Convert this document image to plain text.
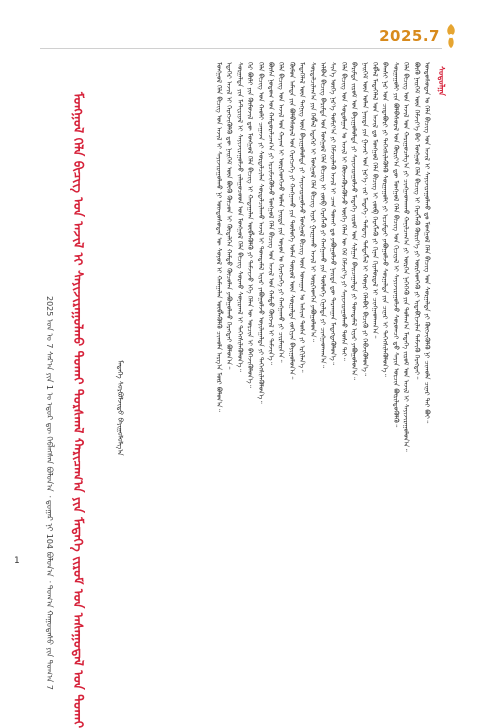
2025.7
ᠰᠤᠳᠤᠯᠭᠠ
ᠤᠨᠳᠤᠰᠤᠲᠡᠨ ᠤ ᠬᠡᠯᠡ ᠪᠢᠴᠢᠭ ᠤᠨ ᠠᠵᠢᠯ ᠢ ᠰᠠᠶᠢᠵᠢᠷᠠᠭᠤᠯᠬᠤ ᠳᠤ ᠮᠣᠩᠭᠣᠯ ᠬᠡᠯᠡ ᠪᠢᠴᠢᠭ ᠤᠨ ᠰᠤᠷᠭᠠᠯᠲᠠ ᠶᠢ ᠬᠥᠭᠵᠢᠭᠦᠯᠬᠦ ᠨᠢ ᠴᠢᠬᠤᠯᠠ ᠴᠢᠨᠠᠷ ᠲᠠᠢ ᠪᠤᠢ᠃
ᠪᠦᠬᠦ ᠨᠡᠢᠭᠡᠮ ᠦᠨ ᠬᠡᠮᠵᠢᠶ᠎ᠡ ᠪᠡᠷ ᠮᠣᠩᠭᠣᠯ ᠬᠡᠯᠡ ᠪᠢᠴᠢᠭ ᠢ ᠬᠡᠷᠡᠭᠯᠡᠬᠦ ᠬᠦᠷᠢᠶ᠎ᠡ ᠶᠢ ᠥᠷᠭᠡᠳᠬᠡᠬᠦ ᠶᠢ ᠢᠳᠡᠪᠬᠢᠵᠢᠯᠡᠨ ᠳᠡᠮᠵᠢᠬᠦ ᠬᠡᠷᠡᠭᠲᠡᠢ᠃
ᠬᠡᠯᠡ ᠪᠢᠴᠢᠭ ᠤᠨ ᠠᠵᠢᠯ ᠤᠨ ᠬᠠᠷᠢᠭᠤᠴᠠᠯᠭ᠎ᠠ ᠶᠢ ᠴᠢᠩᠭᠠᠳᠬᠠᠬᠤ ᠬᠠᠨᠢᠯᠴᠠᠭ᠎ᠠ ᠶᠢ ᠥᠷᠭᠡᠨ ᠨᠡᠭᠡᠭᠡᠬᠦ ᠶᠢᠨ ᠲᠤᠯᠠᠭ᠎ᠠ ᠮᠡᠳᠡᠭᠡ ᠵᠢᠷᠤᠮ ᠤᠨ ᠠᠵᠢᠯ ᠢ ᠰᠠᠶᠢᠵᠢᠷᠠᠭᠤᠯᠤᠨ᠎ᠠ᠃
ᠰᠤᠷᠭᠠᠭᠤᠯᠢ ᠶᠢᠨ ᠪᠣᠯᠪᠠᠰᠤᠷᠠᠯ ᠤᠨ ᠬᠦᠷᠢᠶ᠎ᠡᠨ ᠳᠦ ᠮᠣᠩᠭᠣᠯ ᠬᠡᠯᠡ ᠪᠢᠴᠢᠭ ᠤᠨ ᠬᠢᠴᠢᠶᠡᠯ ᠢ ᠰᠠᠶᠢᠵᠢᠷᠠᠭᠤᠯᠵᠤ ᠰᠤᠷᠤᠭᠴᠢ ᠳ᠋ᠤ ᠰᠠᠶᠢᠨ ᠣᠷᠴᠢᠨ ᠪᠦᠷᠢᠯᠳᠦᠭᠦᠯᠬᠦ᠃
ᠪᠠᠭᠰᠢ ᠨᠠᠷ ᠤᠨ ᠴᠢᠳᠠᠪᠤᠷᠢ ᠶᠢ ᠳᠡᠭᠡᠭᠰᠢᠯᠡᠭᠦᠯᠬᠦ ᠰᠤᠷᠭᠠᠭᠤᠯᠢ ᠶᠢ ᠡᠷᠴᠢᠮᠲᠡᠢ ᠶᠠᠪᠤᠭᠤᠯᠵᠤ ᠰᠤᠷᠭᠠᠯᠲᠠ ᠶᠢᠨ ᠴᠢᠨᠠᠷ ᠢ ᠳᠡᠭᠡᠭᠰᠢᠯᠡᠭᠦᠯᠦᠨ᠎ᠡ᠃
ᠬᠡᠪᠯᠡᠯ ᠮᠡᠳᠡᠭᠡᠯᠡᠯ ᠤᠨ ᠠᠵᠢᠯ ᠳᠤ ᠮᠣᠩᠭᠣᠯ ᠬᠡᠯᠡ ᠪᠢᠴᠢᠭ ᠢ ᠵᠥᠪ ᠬᠡᠷᠡᠭᠯᠡᠬᠦ ᠶᠢ ᠬᠢᠨᠠᠨ ᠬᠢᠶᠠᠮᠤᠷᠳᠠᠯ ᠢ ᠴᠢᠩᠭᠠᠳᠬᠠᠨ᠎ᠠ᠃
ᠨᠡᠢᠭᠡᠮ ᠦᠨ ᠣᠯᠠᠨ ᠨᠡᠢᠲᠡ ᠶᠢᠨ ᠭᠠᠵᠠᠷ ᠤᠨ ᠨᠡᠷ᠎ᠡ᠂ ᠵᠠᠷ ᠮᠡᠳᠡᠭᠡ᠂ ᠲᠡᠮᠳᠡᠭ ᠲᠡᠮᠳᠡᠭᠯᠡᠯ ᠢ ᠬᠣᠶᠠᠷ ᠬᠡᠯᠡᠪᠡᠷ ᠪᠢᠴᠢᠬᠦ ᠶᠢ ᠬᠡᠪᠵᠢᠭᠦᠯᠦᠨ᠎ᠡ᠃
ᠪᠠᠷᠢᠮᠲᠠ ᠵᠢᠷᠤᠮ ᠤᠨ ᠪᠠᠶᠢᠭᠤᠯᠤᠯᠲᠠ ᠶᠢ ᠰᠠᠶᠢᠵᠢᠷᠠᠭᠤᠯᠵᠤ ᠮᠡᠳᠡᠭᠡ ᠵᠢᠷᠤᠮ ᠤᠨ ᠰᠢᠯᠭᠠᠨ ᠪᠠᠢᠴᠠᠭᠠᠯᠲᠠ ᠶᠢ ᠲᠣᠭᠲᠠᠮᠠᠯ ᠢᠶᠠᠷ ᠶᠠᠪᠤᠭᠤᠯᠤᠨ᠎ᠠ᠃
ᠬᠡᠯᠡ ᠪᠢᠴᠢᠭ ᠤᠨ ᠰᠤᠳᠤᠯᠭᠠᠨ ᠤ ᠠᠵᠢᠯ ᠢ ᠭᠦᠨᠵᠡᠭᠦᠷᠡᠭᠦᠯᠵᠦ ᠦᠭᠡ ᠬᠡᠯᠡᠨ ᠦ ᠬᠡᠮ ᠬᠡᠮᠵᠢᠶ᠎ᠡ ᠶᠢ ᠰᠠᠶᠢᠵᠢᠷᠠᠭᠤᠯᠬᠤ ᠲᠤᠰᠠ ᠲᠠᠢ᠃
ᠰᠢᠨ᠎ᠡ ᠦᠭᠡ ᠨᠡᠷ᠎ᠡ ᠲᠣᠮᠢᠶ᠎ᠠ ᠶᠢ ᠬᠡᠮᠵᠢᠶᠡᠯᠡᠬᠦ ᠠᠵᠢᠯ ᠢ ᠴᠠᠭ ᠲᠤᠬᠠᠢ ᠳᠤ ᠶᠠᠪᠤᠭᠤᠯᠵᠤ ᠨᠡᠢᠲᠡ ᠳᠦ ᠲᠠᠷᠬᠠᠭᠠᠨ ᠮᠡᠳᠡᠭᠳᠡᠭᠦᠯᠦᠨ᠎ᠡ᠃
ᠠᠯᠪᠠᠨ ᠪᠢᠴᠢᠭ ᠪᠠᠷᠢᠮᠲᠠ ᠤᠨ ᠮᠣᠩᠭᠣᠯ ᠬᠡᠯᠡ ᠪᠢᠴᠢᠭ ᠢ ᠵᠥᠪ ᠬᠡᠷᠡᠭᠯᠡᠬᠦ ᠶᠢ ᠬᠠᠩᠭᠠᠬᠤ ᠶᠢᠨ ᠲᠥᠯᠥᠭᠡ ᠬᠢᠨᠠᠯᠲᠠ ᠶᠢ ᠴᠢᠩᠭᠠᠳᠬᠠᠨ᠎ᠠ᠃
ᠰᠤᠷᠲᠠᠯᠴᠢᠯᠠᠭ᠎ᠠ ᠶᠢᠨ ᠬᠡᠪᠯᠡᠯ ᠡᠳᠡᠭᠡᠷ ᠢ ᠮᠣᠩᠭᠣᠯ ᠬᠡᠯᠡ ᠪᠢᠴᠢᠭ ᠢᠶᠡᠷ ᠭᠠᠷᠭᠠᠬᠤ ᠠᠵᠢᠯ ᠢ ᠥᠷᠭᠡᠳᠬᠡᠨ ᠶᠠᠪᠤᠭᠤᠯᠤᠨ᠎ᠠ᠃
ᠮᠡᠳᠡᠭᠡᠯᠡᠯ ᠦᠨ ᠲᠡᠬᠨᠢᠭ ᠦᠨ ᠪᠠᠶᠢᠭᠤᠯᠤᠯᠲᠠ ᠶᠢ ᠰᠠᠶᠢᠵᠢᠷᠠᠭᠤᠯᠵᠤ ᠮᠣᠩᠭᠣᠯ ᠪᠢᠴᠢᠭ ᠦᠨ ᠤᠬᠠᠭᠠᠨ ᠤ ᠠᠰᠢᠭ᠋ ᠲᠤᠰᠠ ᠶᠢ ᠡᠷᠬᠢᠯᠡᠨ᠎ᠡ᠃
ᠬᠦᠮᠦᠨ ᠠᠮᠠᠲᠠ ᠶᠢᠨ ᠪᠣᠯᠪᠠᠰᠤᠷᠠᠯ ᠤᠨ ᠬᠡᠷᠡᠭᠴᠡᠭᠡ ᠶᠢ ᠬᠠᠩᠭᠠᠬᠤ ᠶᠢᠨ ᠲᠥᠯᠥᠭᠡ ᠣᠯᠠᠨ ᠲᠥᠷᠥᠯ ᠦᠨ ᠰᠤᠷᠭᠠᠯᠲᠠ ᠵᠤᠬᠢᠶᠠᠨ ᠪᠠᠶᠢᠭᠤᠯᠤᠨ᠎ᠠ᠃
ᠬᠡᠯᠡ ᠪᠢᠴᠢᠭ ᠤᠨ ᠠᠵᠢᠯ ᠤᠨ ᠬᠠᠶᠠᠭ ᠢ ᠥᠷᠭᠡᠳᠬᠡᠵᠦ ᠣᠯᠠᠨ ᠨᠡᠢᠲᠡ ᠶᠢᠨ ᠣᠶᠤᠨ ᠤ ᠬᠡᠷᠡᠭᠴᠡᠭᠡ ᠶᠢ ᠬᠠᠩᠭᠠᠬᠤ ᠶᠢ ᠴᠢᠷᠮᠠᠢᠨ᠎ᠠ᠃
ᠪᠦᠰᠡ ᠨᠤᠲᠤᠭ ᠤᠨ ᠬᠠᠮᠲᠤᠷᠠᠯᠴᠠᠭ᠎ᠠ ᠶᠢ ᠡᠷᠴᠢᠮᠵᠢᠭᠦᠯᠵᠦ ᠮᠣᠩᠭᠣᠯ ᠬᠡᠯᠡ ᠪᠢᠴᠢᠭ ᠤᠨ ᠠᠵᠢᠯ ᠤᠨ ᠬᠠᠮᠲᠤ ᠬᠥᠭᠵᠢᠯ ᠢ ᠳᠡᠮᠵᠢᠨ᠎ᠡ᠃
ᠬᠡᠯᠡ ᠪᠢᠴᠢᠭ ᠤᠨ ᠬᠠᠤᠯᠢ ᠴᠠᠭᠠᠵᠠ ᠶᠢ ᠰᠤᠷᠲᠠᠯᠴᠢᠯᠠᠨ ᠰᠤᠷᠲᠠᠯᠴᠢᠯᠠᠬᠤ ᠠᠵᠢᠯ ᠢ ᠲᠣᠭᠲᠠᠮᠠᠯ ᠢᠶᠠᠷ ᠶᠠᠪᠤᠭᠤᠯᠵᠤ ᠣᠶᠢᠯᠠᠭᠠᠯᠲᠠ ᠶᠢ ᠳᠡᠭᠡᠭᠰᠢᠯᠡᠭᠦᠯᠦᠨ᠎ᠡ᠃
ᠭᠡᠷ ᠪᠦᠯᠢ ᠶᠢᠨ ᠬᠦᠮᠦᠵᠢᠯ ᠳᠦ ᠮᠣᠩᠭᠣᠯ ᠬᠡᠯᠡ ᠪᠢᠴᠢᠭ ᠢ ᠬᠠᠳᠠᠭᠠᠯᠠᠨ ᠥᠪᠯᠡᠭᠦᠯᠬᠦ ᠶᠢ ᠳᠡᠮᠵᠢᠵᠦ ᠡᠬᠡ ᠬᠡᠯᠡᠨ ᠦ ᠣᠷᠴᠢᠨ ᠢ ᠪᠡᠬᠡᠵᠢᠭᠦᠯᠦᠨ᠎ᠡ᠃
ᠰᠤᠷᠭᠠᠯᠲᠠ ᠶᠢᠨ ᠮᠠᠲ᠋ᠧᠷᠢᠶᠠᠯ ᠢ ᠰᠠᠶᠢᠵᠢᠷᠠᠭᠤᠯᠵᠤ ᠵᠠᠯᠠᠭᠤᠴᠤᠳ ᠤᠨ ᠮᠣᠩᠭᠣᠯ ᠬᠡᠯᠡ ᠪᠢᠴᠢᠭ ᠰᠤᠷᠬᠤ ᠰᠣᠨᠢᠷᠬᠠᠯ ᠢ ᠳᠡᠭᠡᠭᠰᠢᠯᠡᠭᠦᠯᠦᠨ᠎ᠡ᠃
ᠡᠳᠡᠭᠡᠷ ᠠᠵᠢᠯ ᠢ ᠬᠡᠷᠡᠭᠵᠢᠭᠦᠯᠬᠦ ᠳᠦ ᠨᠡᠢᠭᠡᠮ ᠦᠨ ᠪᠦᠬᠦ ᠬᠦᠴᠦᠨ ᠢ ᠬᠥᠳᠡᠯᠭᠡᠨ ᠬᠠᠮᠲᠤ ᠬᠦᠴᠦᠯᠡᠨ ᠶᠠᠪᠤᠭᠤᠯᠬᠤ ᠬᠡᠷᠡᠭᠲᠡᠢ ᠪᠣᠯᠤᠨ᠎ᠠ᠃
ᠮᠣᠩᠭᠣᠯ ᠬᠡᠯᠡ ᠪᠢᠴᠢᠭ ᠤᠨ ᠠᠵᠢᠯ ᠢ ᠰᠠᠶᠢᠵᠢᠷᠠᠭᠤᠯᠬᠤ ᠨᠢ ᠦᠨᠳᠦᠰᠦᠲᠡᠨ ᠦ ᠰᠣᠶᠤᠯ ᠢ ᠬᠠᠮᠠᠭᠠᠯᠠᠨ ᠥᠪᠯᠡᠭᠦᠯᠬᠦ ᠴᠢᠬᠤᠯᠠ ᠠᠷᠭ᠎ᠠ ᠮᠥᠷ ᠪᠣᠯᠤᠨ᠎ᠠ᠃
ᠮᠡᠳᠡᠭᠡ ᠰᠤᠷᠪᠤᠯᠵᠢᠳᠤ ᠪᠠᠶᠢᠭᠤᠯᠤᠯᠭ᠎ᠠ
ᠮᠣᠩᠭᠣᠯ ᠬᠡᠯᠡ ᠪᠢᠴᠢᠭ ᠤᠨ ᠠᠵᠢᠯ ᠢ ᠰᠠᠶᠢᠵᠢᠷᠠᠭᠤᠯᠬᠤ ᠲᠤᠬᠠᠢ ᠳᠤᠷᠰᠬᠠᠯ ᠬᠠᠷᠢᠴᠠᠭ᠎ᠠ ᠶᠢᠨ ᠮᠡᠳᠡᠭᠡ ᠵᠢᠷᠤᠮ ᠤᠨ ᠠᠰᠠᠭᠤᠳᠠᠯ ᠤᠨ ᠲᠤᠬᠠᠢ
2025 ᠣᠨ ᠤ 7 ᠰᠠᠷ᠎ᠠ ᠶᠢᠨ 1 ᠤ ᠡᠳᠦᠷ ᠳᠦ ᠬᠡᠪᠯᠡᠭᠰᠡᠨ ᠪᠣᠯᠤᠨ᠎ᠠ ᠂ ᠳ᠋ᠤᠭᠠᠷ ᠨᠢ 104 ᠪᠣᠯᠤᠨ᠎ᠠ ᠂ ᠳᠣᠭ᠎ᠠ ᠬᠠᠭᠤᠳᠠᠰᠤ ᠶᠢᠨ ᠲᠣᠭ᠎ᠠ 7
1
